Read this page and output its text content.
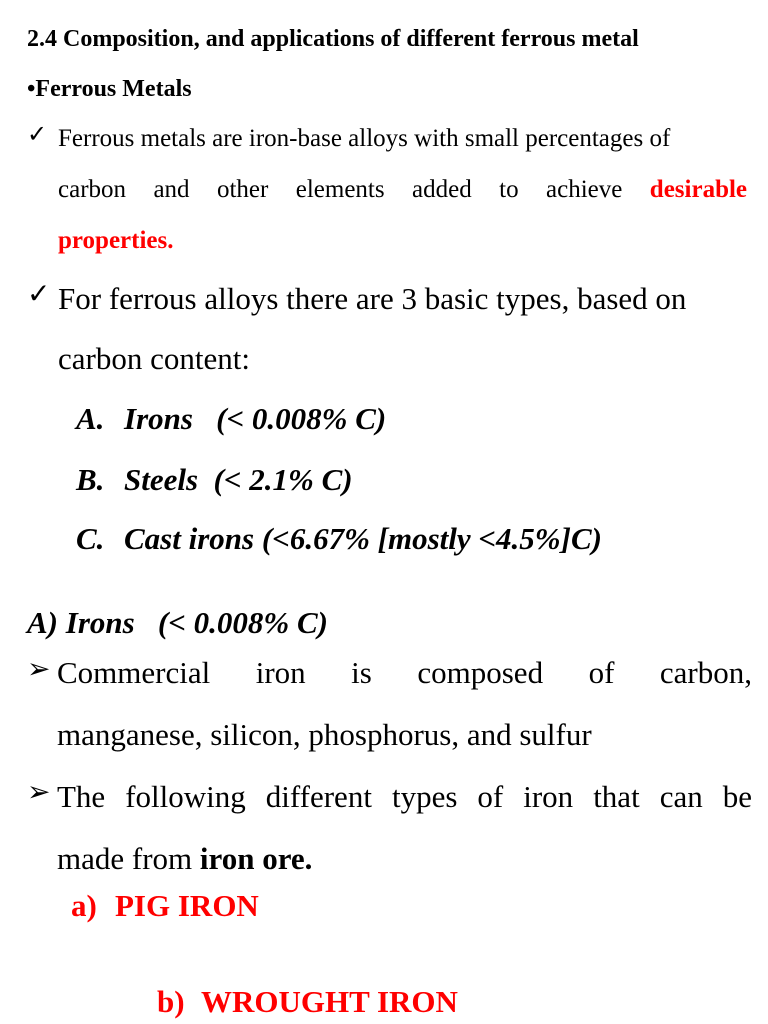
2.4 Composition, and applications of different ferrous metal
•Ferrous Metals
✓ Ferrous metals are iron-base alloys with small percentages of
carbon and other elements added to achieve desirable
properties.
✓ For ferrous alloys there are 3 basic types, based on
carbon content:
A. Irons   (< 0.008% C)
B. Steels  (< 2.1% C)
C. Cast irons (<6.67% [mostly <4.5%]C)
A) Irons   (< 0.008% C)
➢ Commercial iron is composed of carbon,
manganese, silicon, phosphorus, and sulfur
➢ The following different types of iron that can be
made from iron ore.
a) PIG IRON
b) WROUGHT IRON
